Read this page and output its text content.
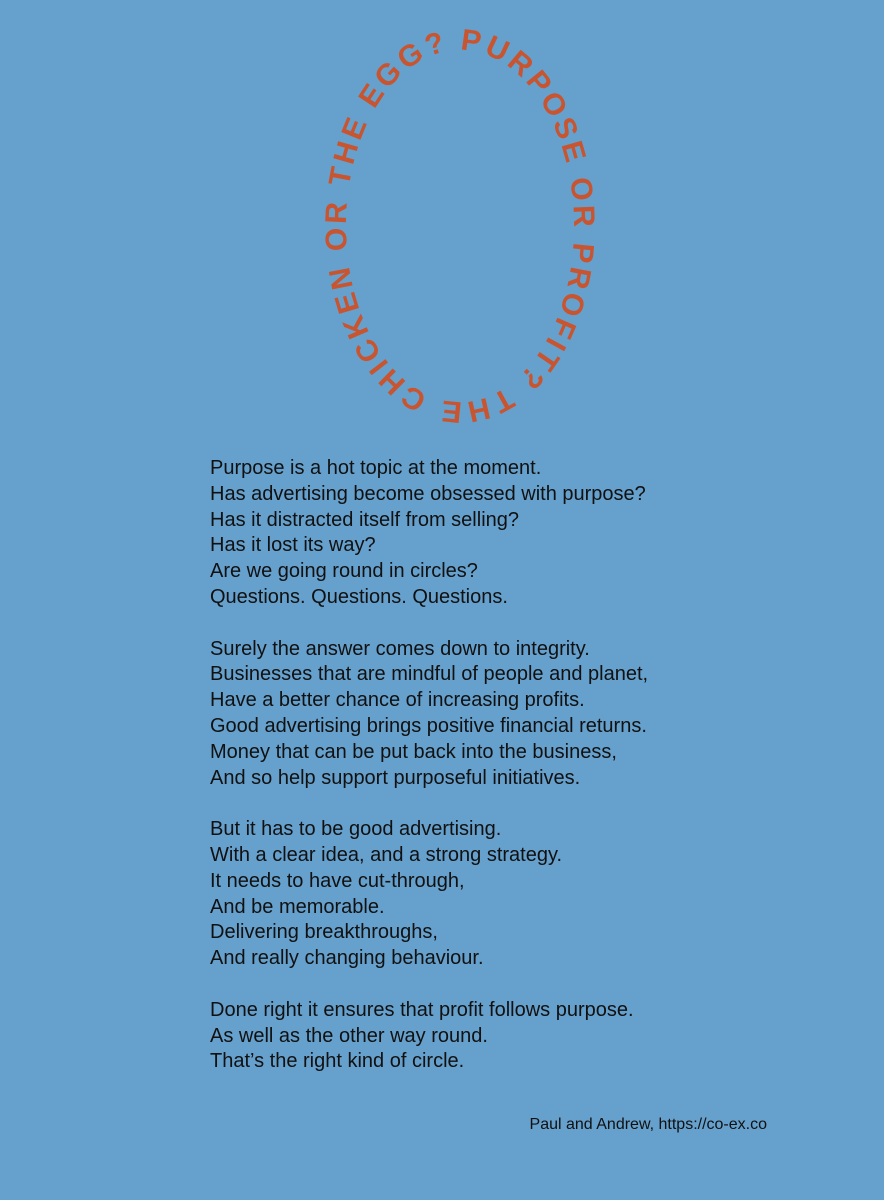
PURPOSE OR PROFIT? THE CHICKEN OR THE EGG?
Purpose is a hot topic at the moment.
Has advertising become obsessed with purpose?
Has it distracted itself from selling?
Has it lost its way?
Are we going round in circles?
Questions. Questions. Questions.
Surely the answer comes down to integrity.
Businesses that are mindful of people and planet,
Have a better chance of increasing profits.
Good advertising brings positive financial returns.
Money that can be put back into the business,
And so help support purposeful initiatives.
But it has to be good advertising.
With a clear idea, and a strong strategy.
It needs to have cut-through,
And be memorable.
Delivering breakthroughs,
And really changing behaviour.
Done right it ensures that profit follows purpose.
As well as the other way round.
That’s the right kind of circle.
Paul and Andrew, https://co-ex.co
